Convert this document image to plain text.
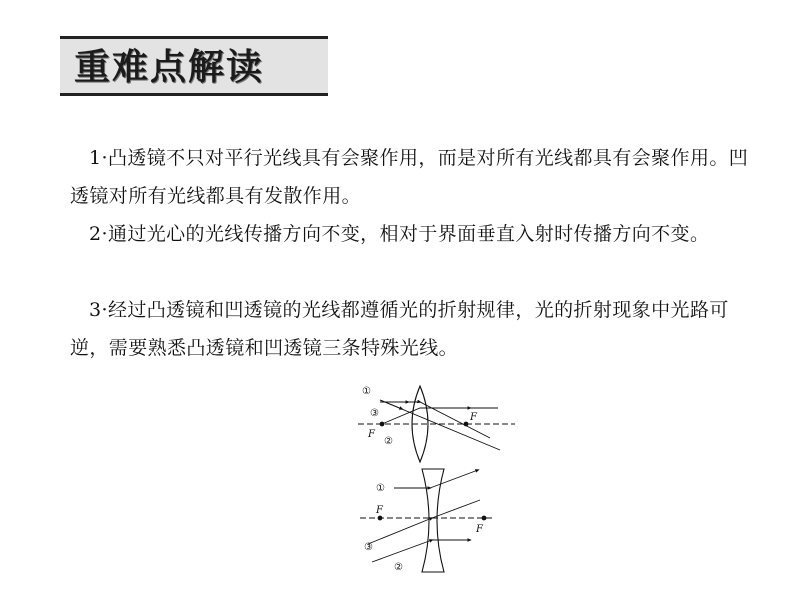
重难点解读

1·凸透镜不只对平行光线具有会聚作用，而是对所有光线都具有会聚作用。凹透镜对所有光线都具有发散作用。

2·通过光心的光线传播方向不变，相对于界面垂直入射时传播方向不变。

3·经过凸透镜和凹透镜的光线都遵循光的折射规律，光的折射现象中光路可逆，需要熟悉凸透镜和凹透镜三条特殊光线。

①
③
②
F
F
①
③
②
F
F
